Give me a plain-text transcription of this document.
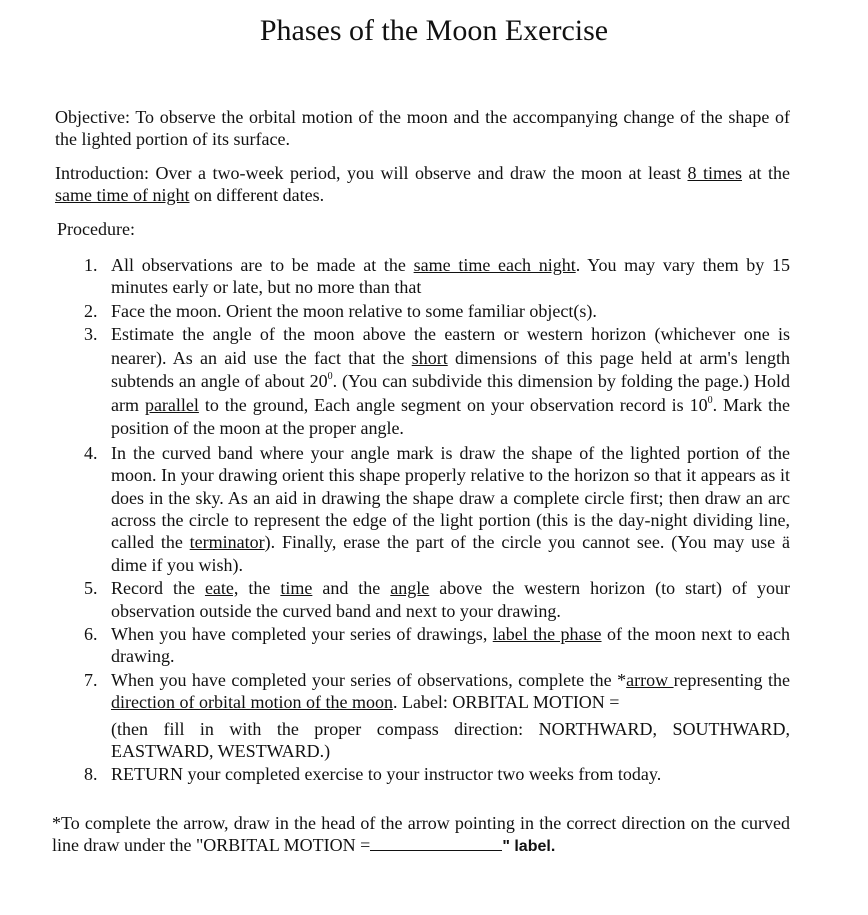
Phases of the Moon Exercise
Objective: To observe the orbital motion of the moon and the accompanying change of the shape of the lighted portion of its surface.
Introduction: Over a two-week period, you will observe and draw the moon at least 8 times at the same time of night on different dates.
Procedure:
1. All observations are to be made at the same time each night. You may vary them by 15 minutes early or late, but no more than that
2. Face the moon. Orient the moon relative to some familiar object(s).
3. Estimate the angle of the moon above the eastern or western horizon (whichever one is nearer). As an aid use the fact that the short dimensions of this page held at arm's length subtends an angle of about $20^0$. (You can subdivide this dimension by folding the page.) Hold arm parallel to the ground, Each angle segment on your observation record is $10^0$. Mark the position of the moon at the proper angle.
4. In the curved band where your angle mark is draw the shape of the lighted portion of the moon. In your drawing orient this shape properly relative to the horizon so that it appears as it does in the sky. As an aid in drawing the shape draw a complete circle first; then draw an arc across the circle to represent the edge of the light portion (this is the day-night dividing line, called the terminator). Finally, erase the part of the circle you cannot see. (You may use ä dime if you wish).
5. Record the eate, the time and the angle above the western horizon (to start) of your observation outside the curved band and next to your drawing.
6. When you have completed your series of drawings, label the phase of the moon next to each drawing.
7. When you have completed your series of observations, complete the *arrow representing the direction of orbital motion of the moon. Label: ORBITAL MOTION =
(then fill in with the proper compass direction: NORTHWARD, SOUTHWARD, EASTWARD, WESTWARD.)
8. RETURN your completed exercise to your instructor two weeks from today.
*To complete the arrow, draw in the head of the arrow pointing in the correct direction on the curved line draw under the "ORBITAL MOTION =	" label.
